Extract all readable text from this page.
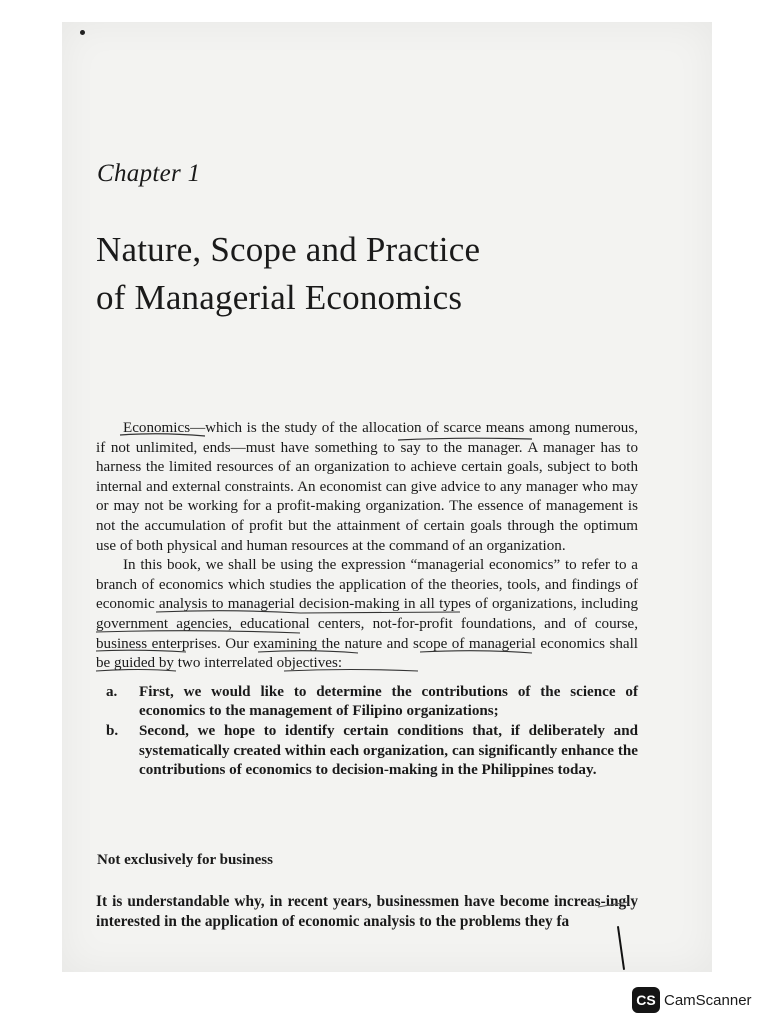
Chapter 1
Nature, Scope and Practice
of Managerial Economics

Economics—which is the study of the allocation of scarce means among numerous, if not unlimited, ends—must have something to say to the manager. A manager has to harness the limited resources of an organization to achieve certain goals, subject to both internal and external constraints. An economist can give advice to any manager who may or may not be working for a profit-making organization. The essence of management is not the accumulation of profit but the attainment of certain goals through the optimum use of both physical and human resources at the command of an organization.

In this book, we shall be using the expression “managerial economics” to refer to a branch of economics which studies the application of the theories, tools, and findings of economic analysis to managerial decision-making in all types of organizations, including government agencies, educational centers, not-for-profit foundations, and of course, business enterprises. Our examining the nature and scope of managerial economics shall be guided by two interrelated objectives:

a. First, we would like to determine the contributions of the science of economics to the management of Filipino organizations;
b. Second, we hope to identify certain conditions that, if deliberately and systematically created within each organization, can significantly enhance the contributions of economics to decision-making in the Philippines today.
Not exclusively for business

It is understandable why, in recent years, businessmen have become increas-ingly interested in the application of economic analysis to the problems they fa

CS CamScanner
